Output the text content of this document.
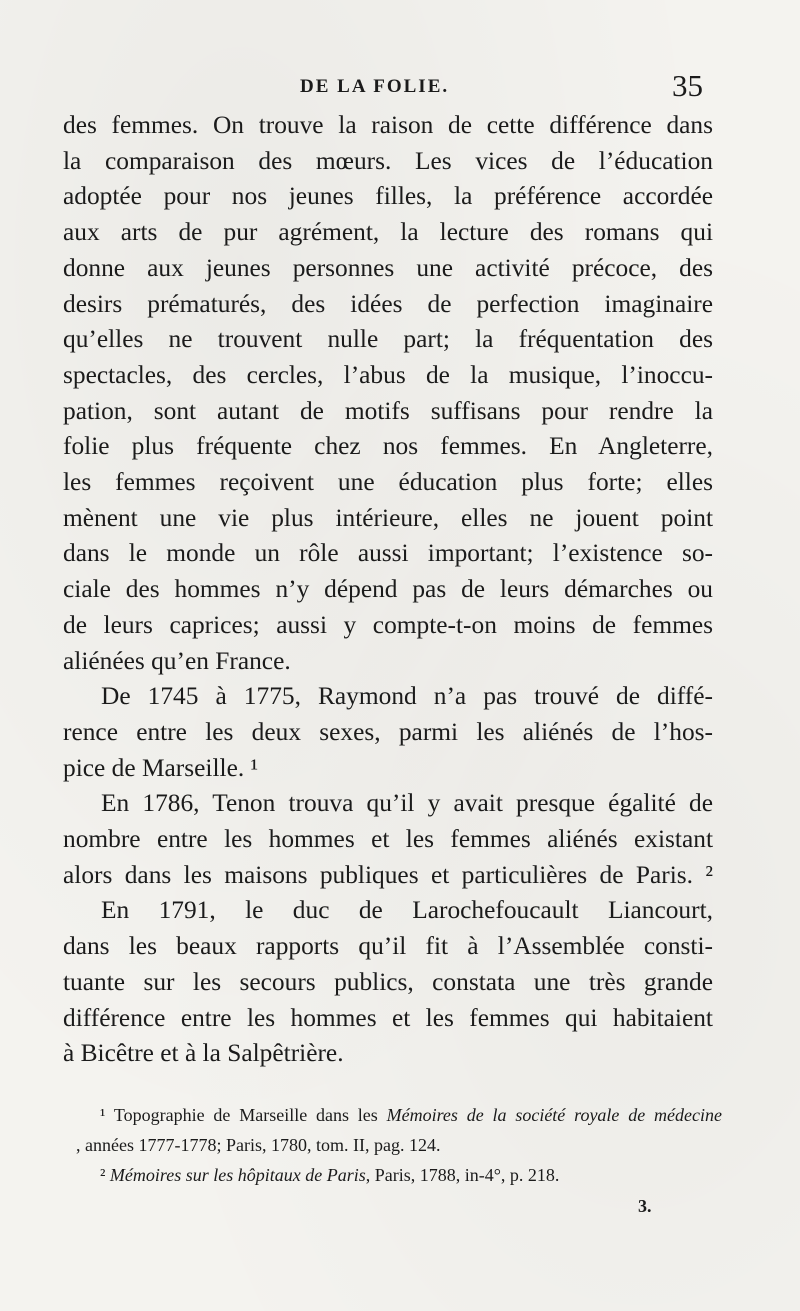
DE LA FOLIE.	35
des femmes. On trouve la raison de cette différence dans
la comparaison des mœurs. Les vices de l’éducation
adoptée pour nos jeunes filles, la préférence accordée
aux arts de pur agrément, la lecture des romans qui
donne aux jeunes personnes une activité précoce, des
desirs prématurés, des idées de perfection imaginaire
qu’elles ne trouvent nulle part; la fréquentation des
spectacles, des cercles, l’abus de la musique, l’inoccu-
pation, sont autant de motifs suffisans pour rendre la
folie plus fréquente chez nos femmes. En Angleterre,
les femmes reçoivent une éducation plus forte; elles
mènent une vie plus intérieure, elles ne jouent point
dans le monde un rôle aussi important; l’existence so-
ciale des hommes n’y dépend pas de leurs démarches ou
de leurs caprices; aussi y compte-t-on moins de femmes
aliénées qu’en France.
De 1745 à 1775, Raymond n’a pas trouvé de diffé-
rence entre les deux sexes, parmi les aliénés de l’hos-
pice de Marseille. ¹
En 1786, Tenon trouva qu’il y avait presque égalité de
nombre entre les hommes et les femmes aliénés existant
alors dans les maisons publiques et particulières de Paris. ²
En 1791, le duc de Larochefoucault Liancourt,
dans les beaux rapports qu’il fit à l’Assemblée consti-
tuante sur les secours publics, constata une très grande
différence entre les hommes et les femmes qui habitaient
à Bicêtre et à la Salpêtrière.
¹ Topographie de Marseille dans les Mémoires de la société royale de médecine
, années 1777-1778; Paris, 1780, tom. II, pag. 124.
² Mémoires sur les hôpitaux de Paris, Paris, 1788, in-4°, p. 218.
3.
